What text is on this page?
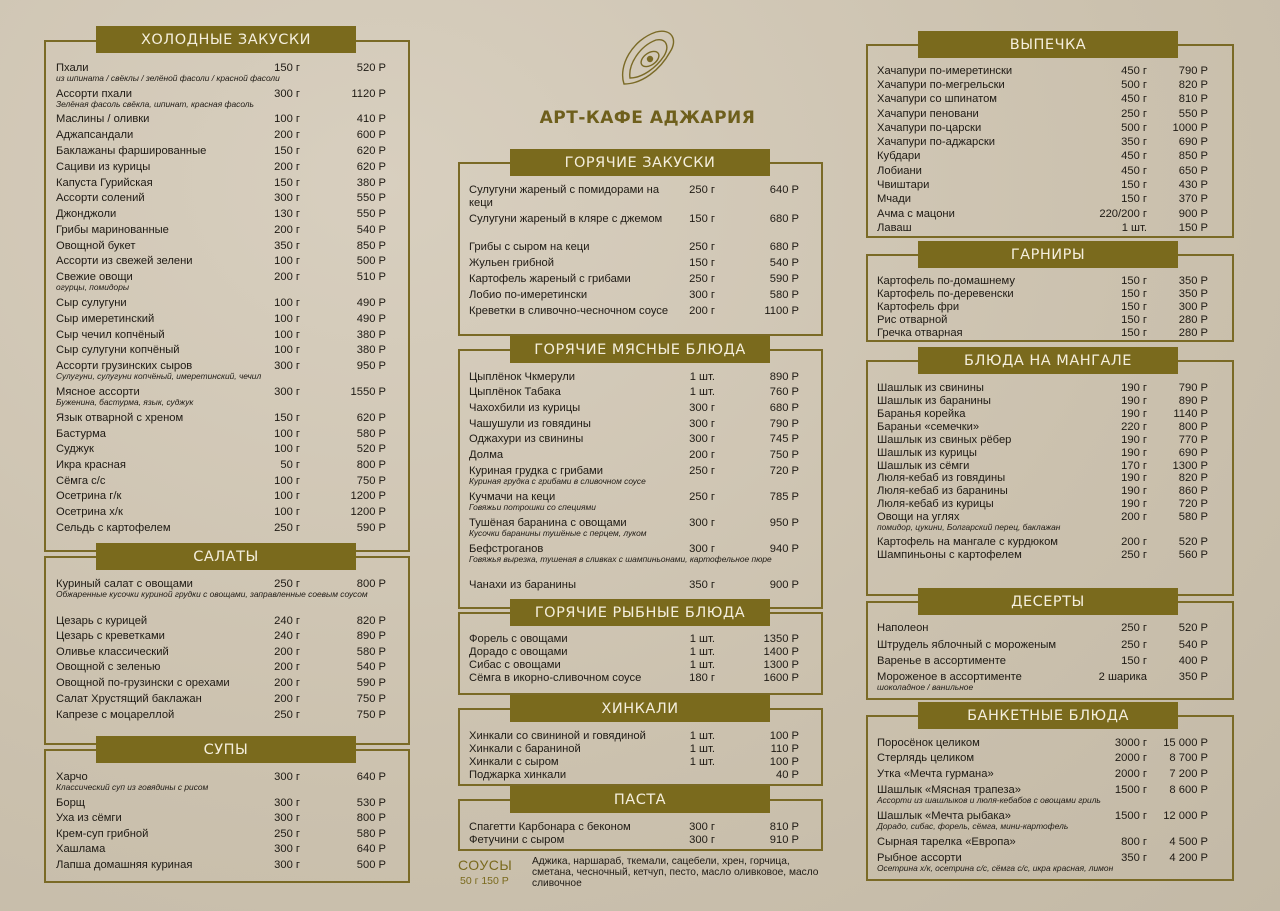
АРТ-КАФЕ АДЖАРИЯ
СОУСЫ
50 г 150 Р
Аджика, наршараб, ткемали, сацебели, хрен, горчица, сметана, чесночный, кетчуп, песто, масло оливковое, масло сливочное
ХОЛОДНЫЕ ЗАКУСКИ
Пхали	150 г	520 Р
из шпината / свёклы / зелёной фасоли / красной фасоли
Ассорти пхали	300 г	1120 Р
Зелёная фасоль свёкла, шпинат, красная фасоль
Маслины / оливки	100 г	410 Р
Аджапсандали	200 г	600 Р
Баклажаны фаршированные	150 г	620 Р
Сациви из курицы	200 г	620 Р
Капуста Гурийская	150 г	380 Р
Ассорти солений	300 г	550 Р
Джонджоли	130 г	550 Р
Грибы маринованные	200 г	540 Р
Овощной букет	350 г	850 Р
Ассорти из свежей зелени	100 г	500 Р
Свежие овощи	200 г	510 Р
огурцы, помидоры
Сыр сулугуни	100 г	490 Р
Сыр имеретинский	100 г	490 Р
Сыр чечил копчёный	100 г	380 Р
Сыр сулугуни копчёный	100 г	380 Р
Ассорти грузинских сыров	300 г	950 Р
Сулугуни, сулугуни копчёный, имеретинский, чечил
Мясное ассорти	300 г	1550 Р
Буженина, бастурма, язык, суджук
Язык отварной с хреном	150 г	620 Р
Бастурма	100 г	580 Р
Суджук	100 г	520 Р
Икра красная	50 г	800 Р
Сёмга с/с	100 г	750 Р
Осетрина г/к	100 г	1200 Р
Осетрина х/к	100 г	1200 Р
Сельдь с картофелем	250 г	590 Р
САЛАТЫ
Куриный салат с овощами	250 г	800 Р
Обжаренные кусочки куриной грудки с овощами, заправленные соевым соусом
Цезарь с курицей	240 г	820 Р
Цезарь с креветками	240 г	890 Р
Оливье классический	200 г	580 Р
Овощной с зеленью	200 г	540 Р
Овощной по-грузински с орехами	200 г	590 Р
Салат Хрустящий баклажан	200 г	750 Р
Капрезе с моцареллой	250 г	750 Р
СУПЫ
Харчо	300 г	640 Р
Классический суп из говядины с рисом
Борщ	300 г	530 Р
Уха из сёмги	300 г	800 Р
Крем-суп грибной	250 г	580 Р
Хашлама	300 г	640 Р
Лапша домашняя куриная	300 г	500 Р
ГОРЯЧИЕ ЗАКУСКИ
Сулугуни жареный с помидорами на кеци
250 г	640 Р
Сулугуни жареный в кляре с джемом	150 г	680 Р
Грибы с сыром на кеци	250 г	680 Р
Жульен грибной	150 г	540 Р
Картофель жареный с грибами	250 г	590 Р
Лобио по-имеретински	300 г	580 Р
Креветки в сливочно-чесночном соусе	200 г	1100 Р
ГОРЯЧИЕ МЯСНЫЕ БЛЮДА
Цыплёнок Чкмерули	1 шт.	890 Р
Цыплёнок Табака	1 шт.	760 Р
Чахохбили из курицы	300 г	680 Р
Чашушули из говядины	300 г	790 Р
Оджахури из свинины	300 г	745 Р
Долма	200 г	750 Р
Куриная грудка с грибами	250 г	720 Р
Куриная грудка с грибами в сливочном соусе
Кучмачи на кеци	250 г	785 Р
Говяжьи потрошки со специями
Тушёная баранина с овощами	300 г	950 Р
Кусочки баранины тушёные с перцем, луком
Бефстроганов	300 г	940 Р
Говяжья вырезка, тушеная в сливках с шампиньонами, картофельное пюре
Чанахи из баранины	350 г	900 Р
ГОРЯЧИЕ РЫБНЫЕ БЛЮДА
Форель с овощами	1 шт.	1350 Р
Дорадо с овощами	1 шт.	1400 Р
Сибас с овощами	1 шт.	1300 Р
Сёмга в икорно-сливочном соусе	180 г	1600 Р
ХИНКАЛИ
Хинкали со свининой и говядиной	1 шт.	100 Р
Хинкали с бараниной	1 шт.	110 Р
Хинкали с сыром	1 шт.	100 Р
Поджарка хинкали	40 Р
ПАСТА
Спагетти Карбонара с беконом	300 г	810 Р
Фетучини с сыром	300 г	910 Р
ВЫПЕЧКА
Хачапури по-имеретински	450 г	790 Р
Хачапури по-мегрельски	500 г	820 Р
Хачапури со шпинатом	450 г	810 Р
Хачапури пеновани	250 г	550 Р
Хачапури по-царски	500 г	1000 Р
Хачапури по-аджарски	350 г	690 Р
Кубдари	450 г	850 Р
Лобиани	450 г	650 Р
Чвиштари	150 г	430 Р
Мчади	150 г	370 Р
Ачма с мацони	220/200 г	900 Р
Лаваш	1 шт.	150 Р
ГАРНИРЫ
Картофель по-домашнему	150 г	350 Р
Картофель по-деревенски	150 г	350 Р
Картофель фри	150 г	300 Р
Рис отварной	150 г	280 Р
Гречка отварная	150 г	280 Р
БЛЮДА НА МАНГАЛЕ
Шашлык из свинины	190 г	790 Р
Шашлык из баранины	190 г	890 Р
Баранья корейка	190 г	1140 Р
Бараньи «семечки»	220 г	800 Р
Шашлык из свиных рёбер	190 г	770 Р
Шашлык из курицы	190 г	690 Р
Шашлык из сёмги	170 г	1300 Р
Люля-кебаб из говядины	190 г	820 Р
Люля-кебаб из баранины	190 г	860 Р
Люля-кебаб из курицы	190 г	720 Р
Овощи на углях	200 г	580 Р
помидор, цукини, Болгарский перец, баклажан
Картофель на мангале с курдюком	200 г	520 Р
Шампиньоны с картофелем	250 г	560 Р
ДЕСЕРТЫ
Наполеон	250 г	520 Р
Штрудель яблочный с мороженым	250 г	540 Р
Варенье в ассортименте	150 г	400 Р
Мороженое в ассортименте	2 шарика	350 Р
шоколадное / ванильное
БАНКЕТНЫЕ БЛЮДА
Поросёнок целиком	3000 г	15 000 Р
Стерлядь целиком	2000 г	8 700 Р
Утка «Мечта гурмана»	2000 г	7 200 Р
Шашлык «Мясная трапеза»	1500 г	8 600 Р
Ассорти из шашлыков и люля-кебабов с овощами гриль
Шашлык «Мечта рыбака»	1500 г	12 000 Р
Дорадо, сибас, форель, сёмга, мини-картофель
Сырная тарелка «Европа»	800 г	4 500 Р
Рыбное ассорти	350 г	4 200 Р
Осетрина х/к, осетрина с/с, сёмга с/с, икра красная, лимон
